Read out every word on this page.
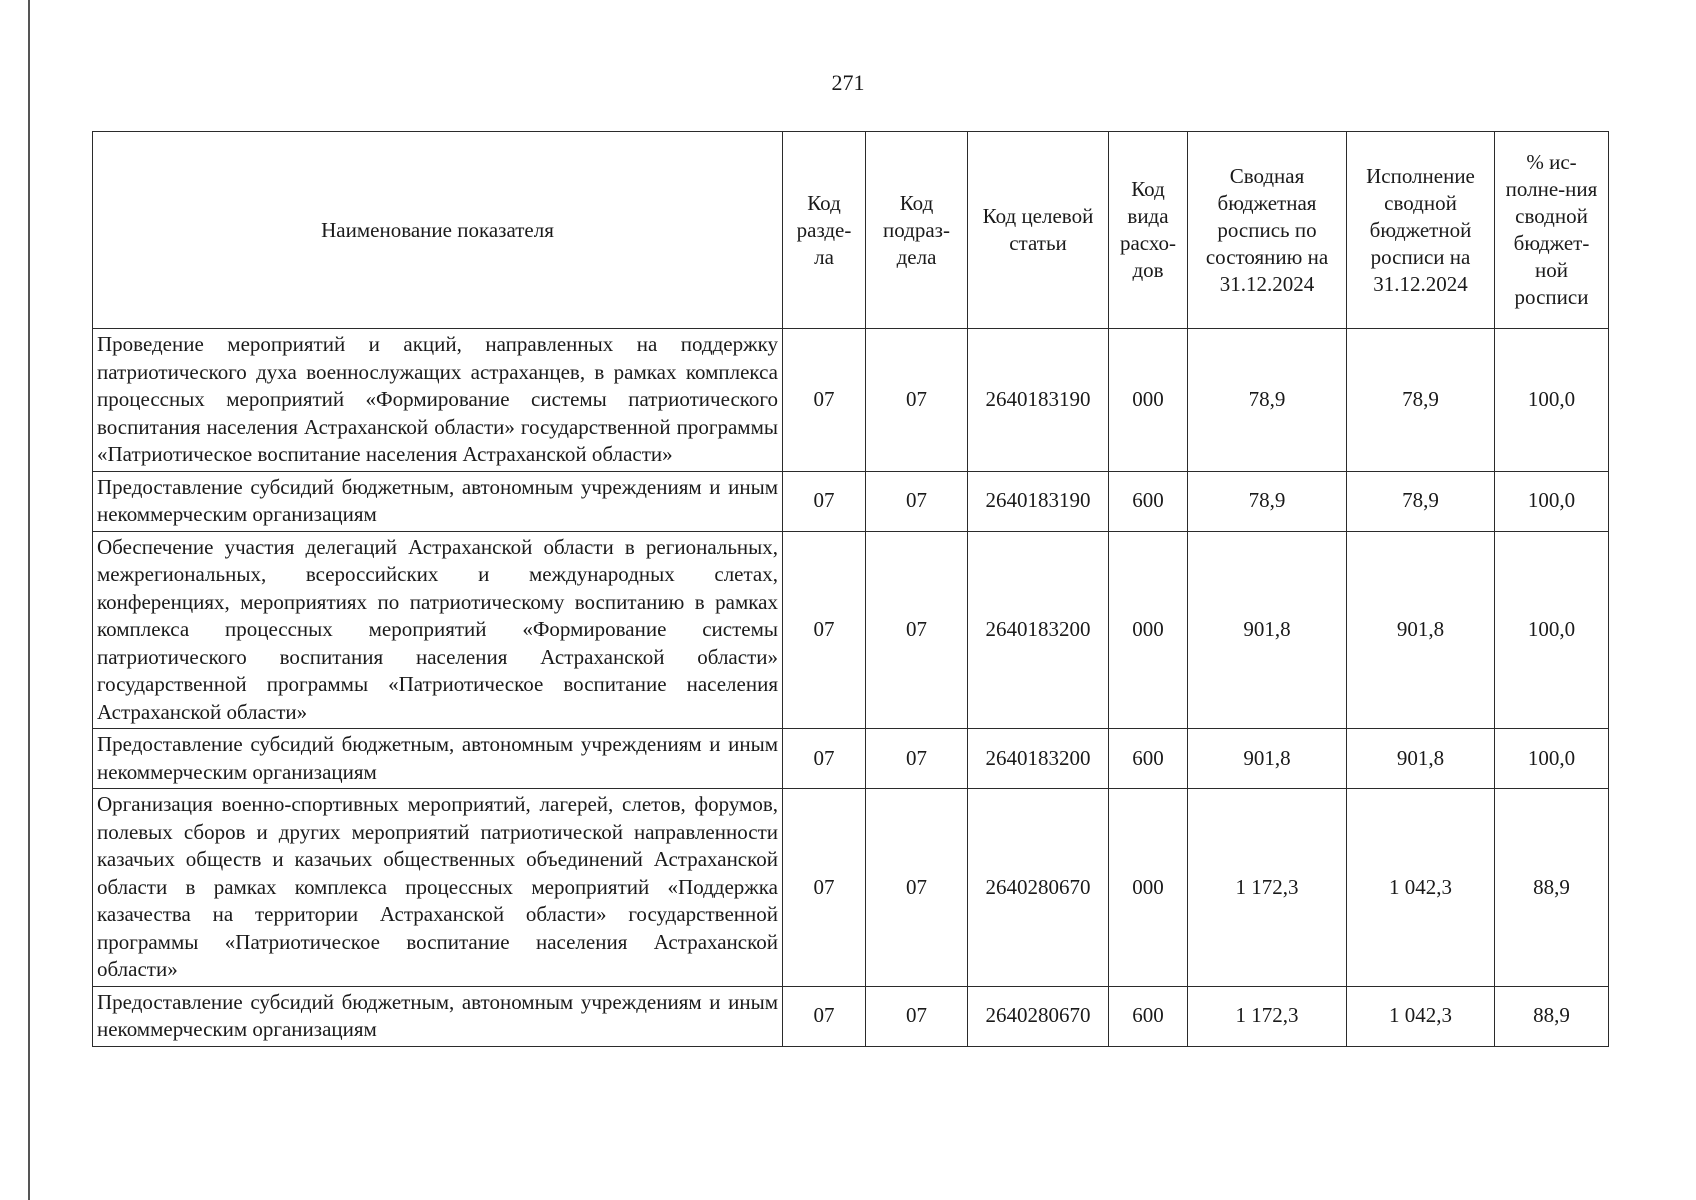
271
Наименование показателя	Код разде-ла	Код подраз-дела	Код целевой статьи	Код вида расхо-дов	Сводная бюджетная роспись по состоянию на 31.12.2024	Исполнение сводной бюджетной росписи на 31.12.2024	% ис-полне-ния сводной бюджет-ной росписи
Проведение мероприятий и акций, направленных на поддержку патриотического духа военнослужащих астраханцев, в рамках комплекса процессных мероприятий «Формирование системы патриотического воспитания населения Астраханской области» государственной программы «Патриотическое воспитание населения Астраханской области»	07	07	2640183190	000	78,9	78,9	100,0
Предоставление субсидий бюджетным, автономным учреждениям и иным некоммерческим организациям	07	07	2640183190	600	78,9	78,9	100,0
Обеспечение участия делегаций Астраханской области в региональных, межрегиональных, всероссийских и международных слетах, конференциях, мероприятиях по патриотическому воспитанию в рамках комплекса процессных мероприятий «Формирование системы патриотического воспитания населения Астраханской области» государственной программы «Патриотическое воспитание населения Астраханской области»	07	07	2640183200	000	901,8	901,8	100,0
Предоставление субсидий бюджетным, автономным учреждениям и иным некоммерческим организациям	07	07	2640183200	600	901,8	901,8	100,0
Организация военно-спортивных мероприятий, лагерей, слетов, форумов, полевых сборов и других мероприятий патриотической направленности казачьих обществ и казачьих общественных объединений Астраханской области в рамках комплекса процессных мероприятий «Поддержка казачества на территории Астраханской области» государственной программы «Патриотическое воспитание населения Астраханской области»	07	07	2640280670	000	1 172,3	1 042,3	88,9
Предоставление субсидий бюджетным, автономным учреждениям и иным некоммерческим организациям	07	07	2640280670	600	1 172,3	1 042,3	88,9
